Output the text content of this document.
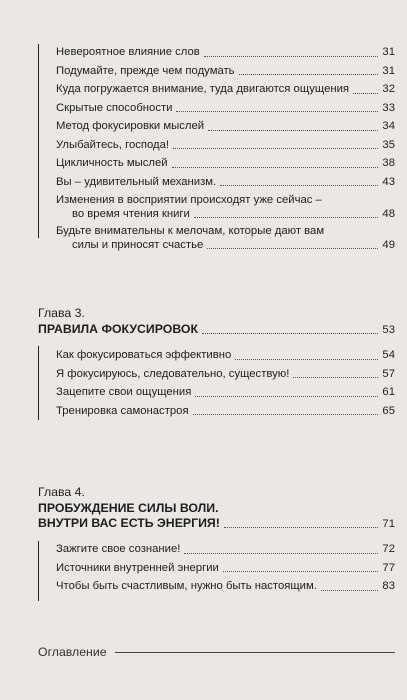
Невероятное влияние слов	31
Подумайте, прежде чем подумать	31
Куда погружается внимание, туда двигаются ощущения	32
Скрытые способности	33
Метод фокусировки мыслей	34
Улыбайтесь, господа!	35
Цикличность мыслей	38
Вы – удивительный механизм.	43
Изменения в восприятии происходят уже сейчас –
во время чтения книги	48
Будьте внимательны к мелочам, которые дают вам
силы и приносят счастье	49
Глава 3.
ПРАВИЛА ФОКУСИРОВОК	53
Как фокусироваться эффективно	54
Я фокусируюсь, следовательно, существую!	57
Зацепите свои ощущения	61
Тренировка самонастроя	65
Глава 4.
ПРОБУЖДЕНИЕ СИЛЫ ВОЛИ.
ВНУТРИ ВАС ЕСТЬ ЭНЕРГИЯ!	71
Зажгите свое сознание!	72
Источники внутренней энергии	77
Чтобы быть счастливым, нужно быть настоящим.	83
Оглавление
